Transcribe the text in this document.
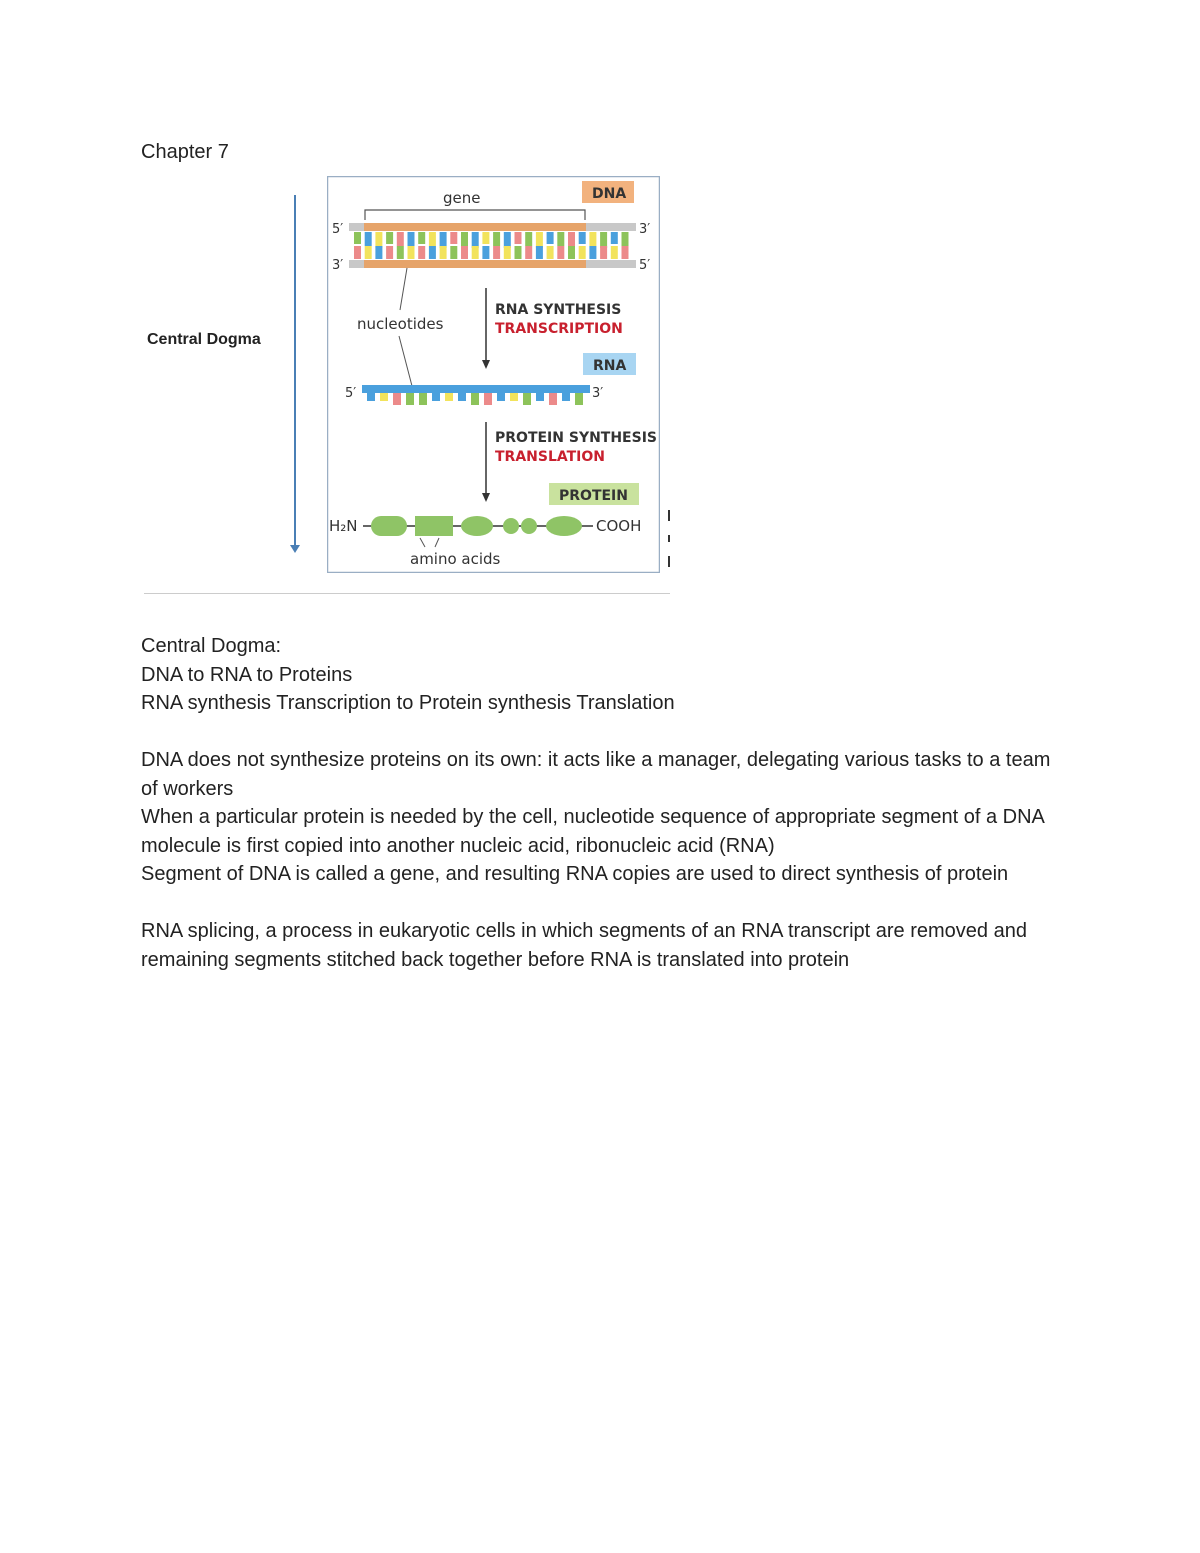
Chapter 7
Central Dogma
gene	DNA
5′	3′
3′	5′
nucleotides
RNA SYNTHESIS
TRANSCRIPTION
RNA
5′	3′
PROTEIN SYNTHESIS
TRANSLATION
PROTEIN
H₂N	COOH
amino acids

Central Dogma:

DNA to RNA to Proteins

RNA synthesis Transcription to Protein synthesis Translation

DNA does not synthesize proteins on its own: it acts like a manager, delegating various tasks to a team of workers

When a particular protein is needed by the cell, nucleotide sequence of appropriate segment of a DNA molecule is first copied into another nucleic acid, ribonucleic acid (RNA)

Segment of DNA is called a gene, and resulting RNA copies are used to direct synthesis of protein

RNA splicing, a process in eukaryotic cells in which segments of an RNA transcript are removed and remaining segments stitched back together before RNA is translated into protein
